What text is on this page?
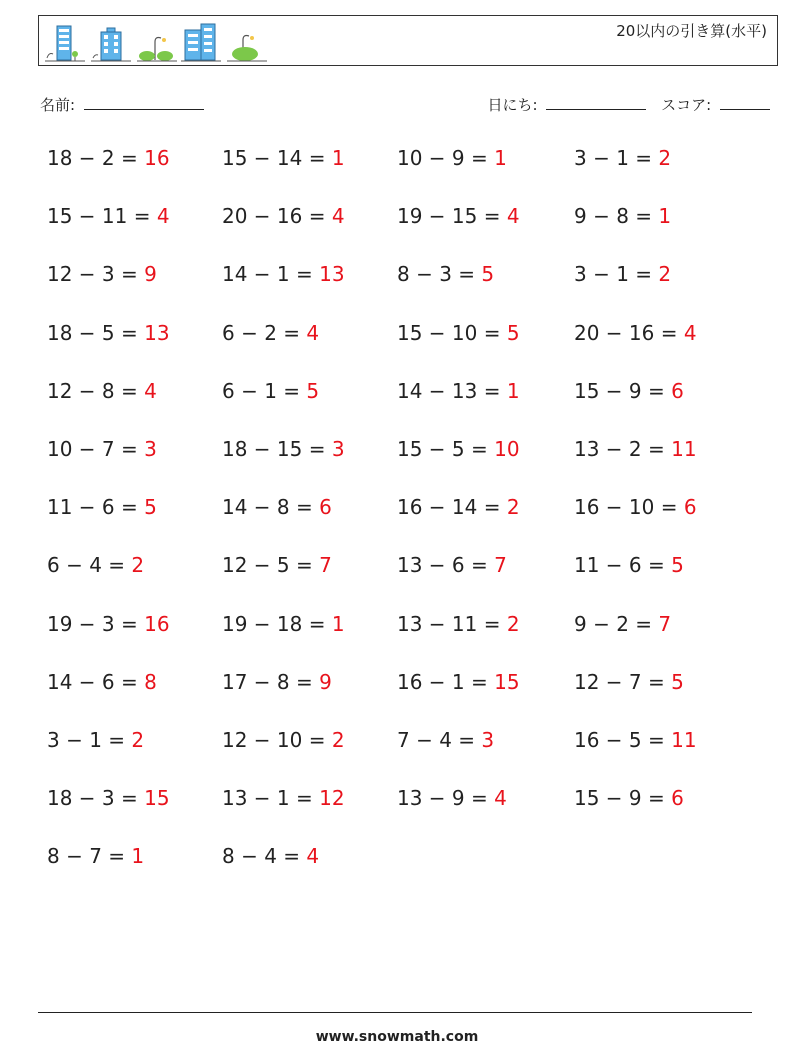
20以内の引き算(水平)
名前:	日にち:	スコア:
18 − 2 = 16	15 − 14 = 1	10 − 9 = 1	3 − 1 = 2
15 − 11 = 4	20 − 16 = 4	19 − 15 = 4	9 − 8 = 1
12 − 3 = 9	14 − 1 = 13	8 − 3 = 5	3 − 1 = 2
18 − 5 = 13	6 − 2 = 4	15 − 10 = 5	20 − 16 = 4
12 − 8 = 4	6 − 1 = 5	14 − 13 = 1	15 − 9 = 6
10 − 7 = 3	18 − 15 = 3	15 − 5 = 10	13 − 2 = 11
11 − 6 = 5	14 − 8 = 6	16 − 14 = 2	16 − 10 = 6
6 − 4 = 2	12 − 5 = 7	13 − 6 = 7	11 − 6 = 5
19 − 3 = 16	19 − 18 = 1	13 − 11 = 2	9 − 2 = 7
14 − 6 = 8	17 − 8 = 9	16 − 1 = 15	12 − 7 = 5
3 − 1 = 2	12 − 10 = 2	7 − 4 = 3	16 − 5 = 11
18 − 3 = 15	13 − 1 = 12	13 − 9 = 4	15 − 9 = 6
8 − 7 = 1	8 − 4 = 4
www.snowmath.com
